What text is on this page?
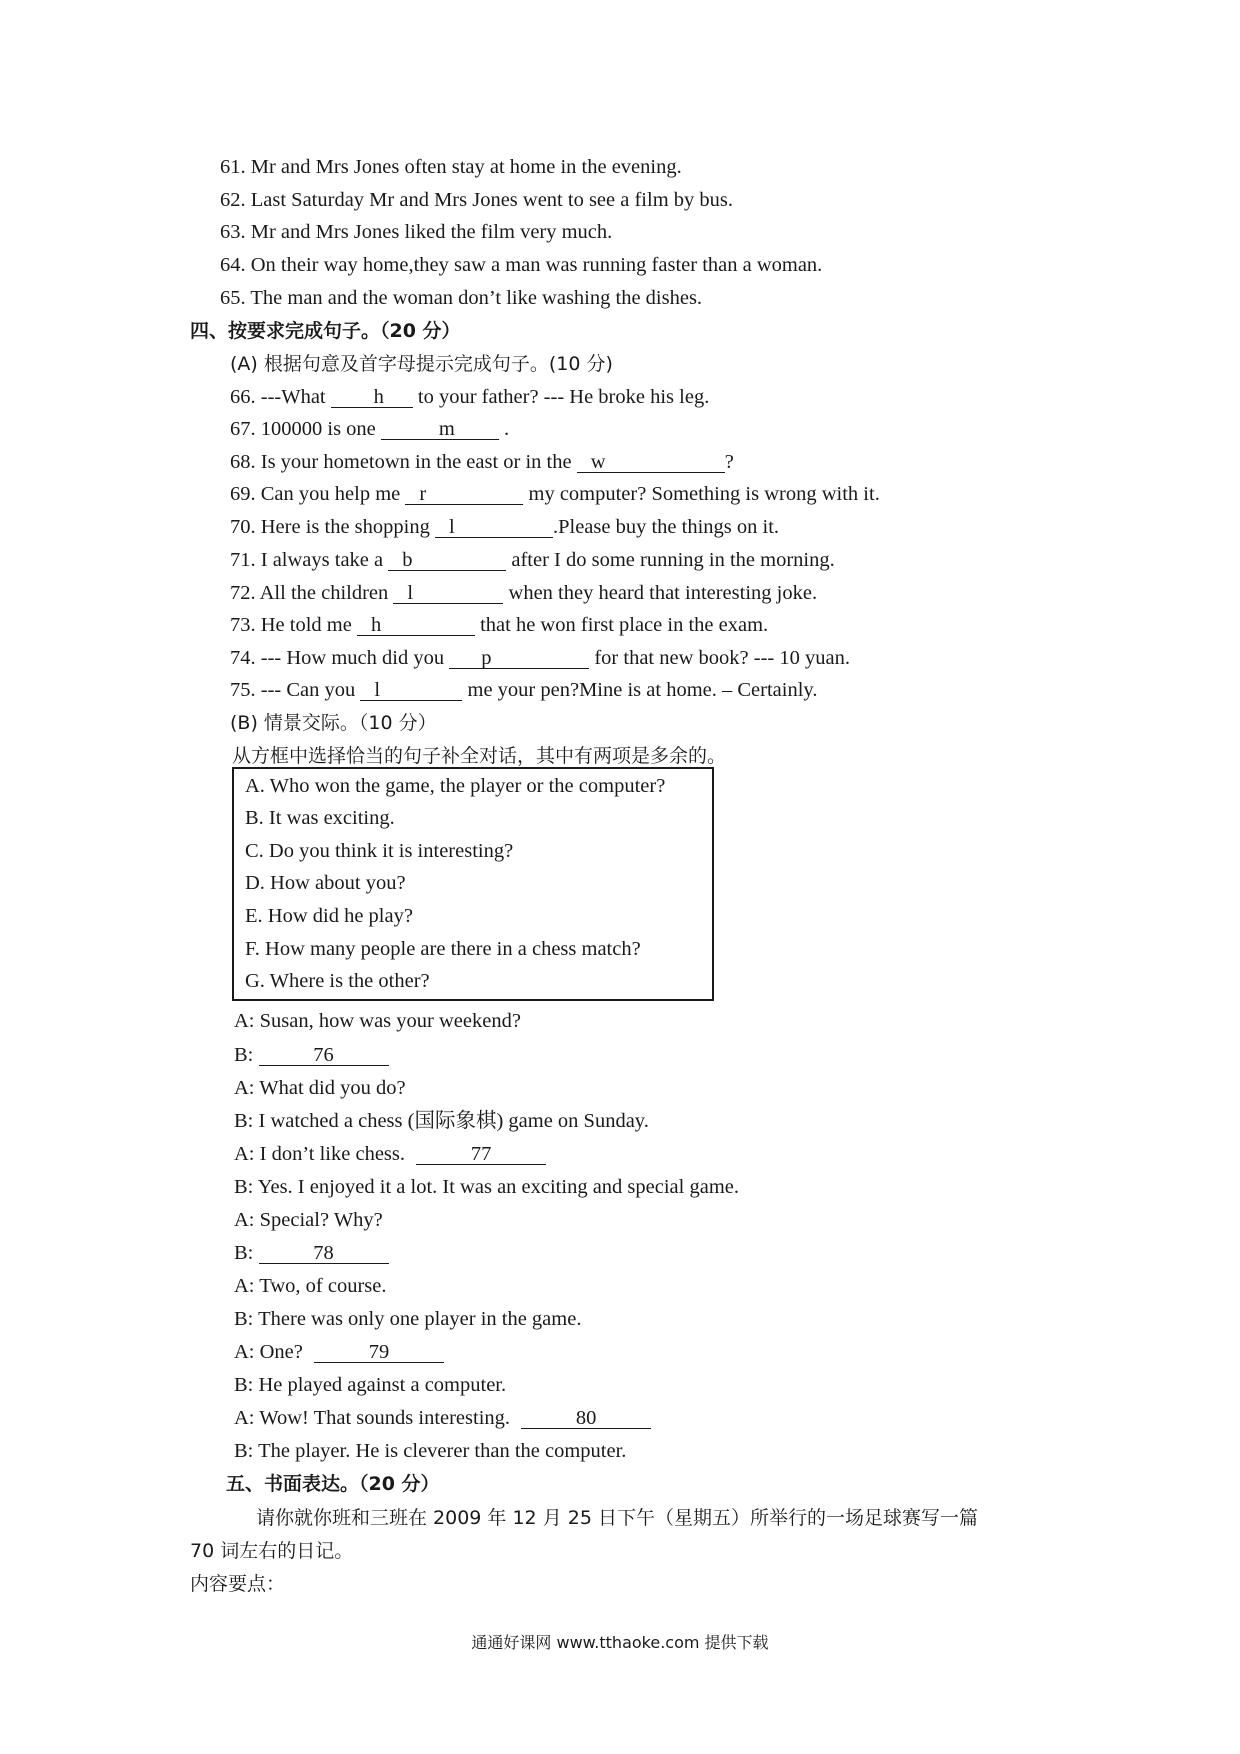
61. Mr and Mrs Jones often stay at home in the evening.
62. Last Saturday Mr and Mrs Jones went to see a film by bus.
63. Mr and Mrs Jones liked the film very much.
64. On their way home,they saw a man was running faster than a woman.
65. The man and the woman don’t like washing the dishes.
四、按要求完成句子。（20 分）
(A) 根据句意及首字母提示完成句子。(10 分)
66. ---What h to your father? --- He broke his leg.
67. 100000 is one	m .
68. Is your hometown in the east or in the w	?
69. Can you help me r	my computer? Something is wrong with it.
70. Here is the shopping l	.Please buy the things on it.
71. I always take a b	after I do some running in the morning.
72. All the children l	when they heard that interesting joke.
73. He told me h	that he won first place in the exam.
74. --- How much did you p	for that new book? --- 10 yuan.
75. --- Can you l	me your pen?Mine is at home. – Certainly.
(B) 情景交际。（10 分）
从方框中选择恰当的句子补全对话，其中有两项是多余的。
A. Who won the game, the player or the computer?
B. It was exciting.
C. Do you think it is interesting?
D. How about you?
E. How did he play?
F. How many people are there in a chess match?
G. Where is the other?
A: Susan, how was your weekend?
B:	76
A: What did you do?
B: I watched a chess (国际象棋) game on Sunday.
A: I don’t like chess.	77
B: Yes. I enjoyed it a lot. It was an exciting and special game.
A: Special? Why?
B:	78
A: Two, of course.
B: There was only one player in the game.
A: One?	79
B: He played against a computer.
A: Wow! That sounds interesting.	80
B: The player. He is cleverer than the computer.
五、书面表达。（20 分）
请你就你班和三班在 2009 年 12 月 25 日下午（星期五）所举行的一场足球赛写一篇
70 词左右的日记。
内容要点：
通通好课网 www.tthaoke.com 提供下载
